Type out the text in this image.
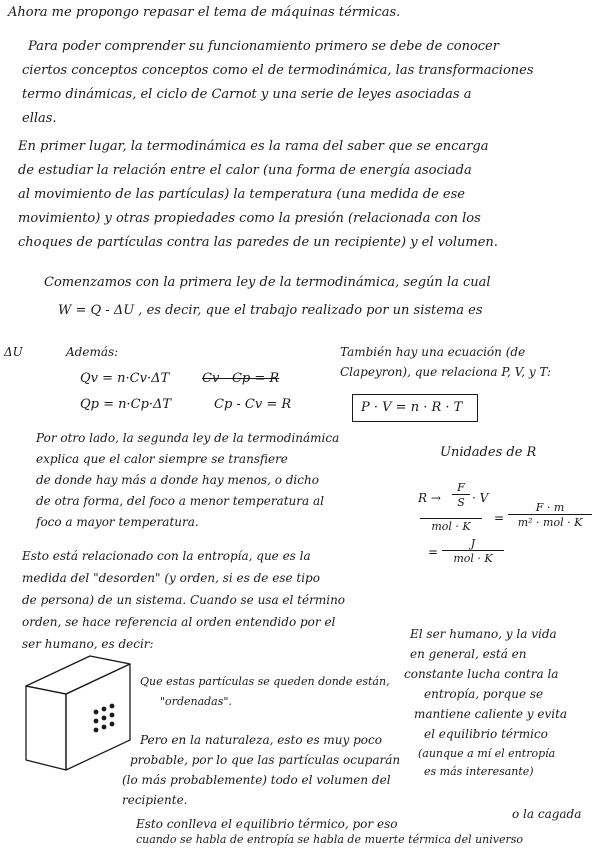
Ahora me propongo repasar el tema de máquinas térmicas.
Para poder comprender su funcionamiento primero se debe de conocer
ciertos conceptos conceptos como el de termodinámica, las transformaciones
termo dinámicas, el ciclo de Carnot y una serie de leyes asociadas a
ellas.
En primer lugar, la termodinámica es la rama del saber que se encarga
de estudiar la relación entre el calor (una forma de energía asociada
al movimiento de las partículas) la temperatura (una medida de ese
movimiento) y otras propiedades como la presión (relacionada con los
choques de partículas contra las paredes de un recipiente) y el volumen.
Comenzamos con la primera ley de la termodinámica, según la cual
W = Q - ΔU , es decir, que el trabajo realizado por un sistema es
ΔU	Además:
Qv = n·Cv·ΔT
Qp = n·Cp·ΔT
Cv - Cp = R
Cp - Cv = R
También hay una ecuación (de
Clapeyron), que relaciona P, V, y T:
P · V = n · R · T
Por otro lado, la segunda ley de la termodinámica
explica que el calor siempre se transfiere
de donde hay más a donde hay menos, o dicho
de otra forma, del foco a menor temperatura al
foco a mayor temperatura.
Unidades de R
$R \to \frac{F}{S} \cdot V$
mol · K
=
F · m
m² · mol · K
=
J
mol · K
Esto está relacionado con la entropía, que es la
medida del "desorden" (y orden, si es de ese tipo
de persona) de un sistema. Cuando se usa el término
orden, se hace referencia al orden entendido por el
ser humano, es decir:
El ser humano, y la vida
en general, está en
constante lucha contra la
entropía, porque se
mantiene caliente y evita
el equilibrio térmico
(aunque a mí el entropía
es más interesante)
Que estas partículas se queden donde están,
"ordenadas".
Pero en la naturaleza, esto es muy poco
probable, por lo que las partículas ocuparán
(lo más probablemente) todo el volumen del
recipiente.
o la cagada
Esto conlleva el equilibrio térmico, por eso
cuando se habla de entropía se habla de muerte térmica del universo
